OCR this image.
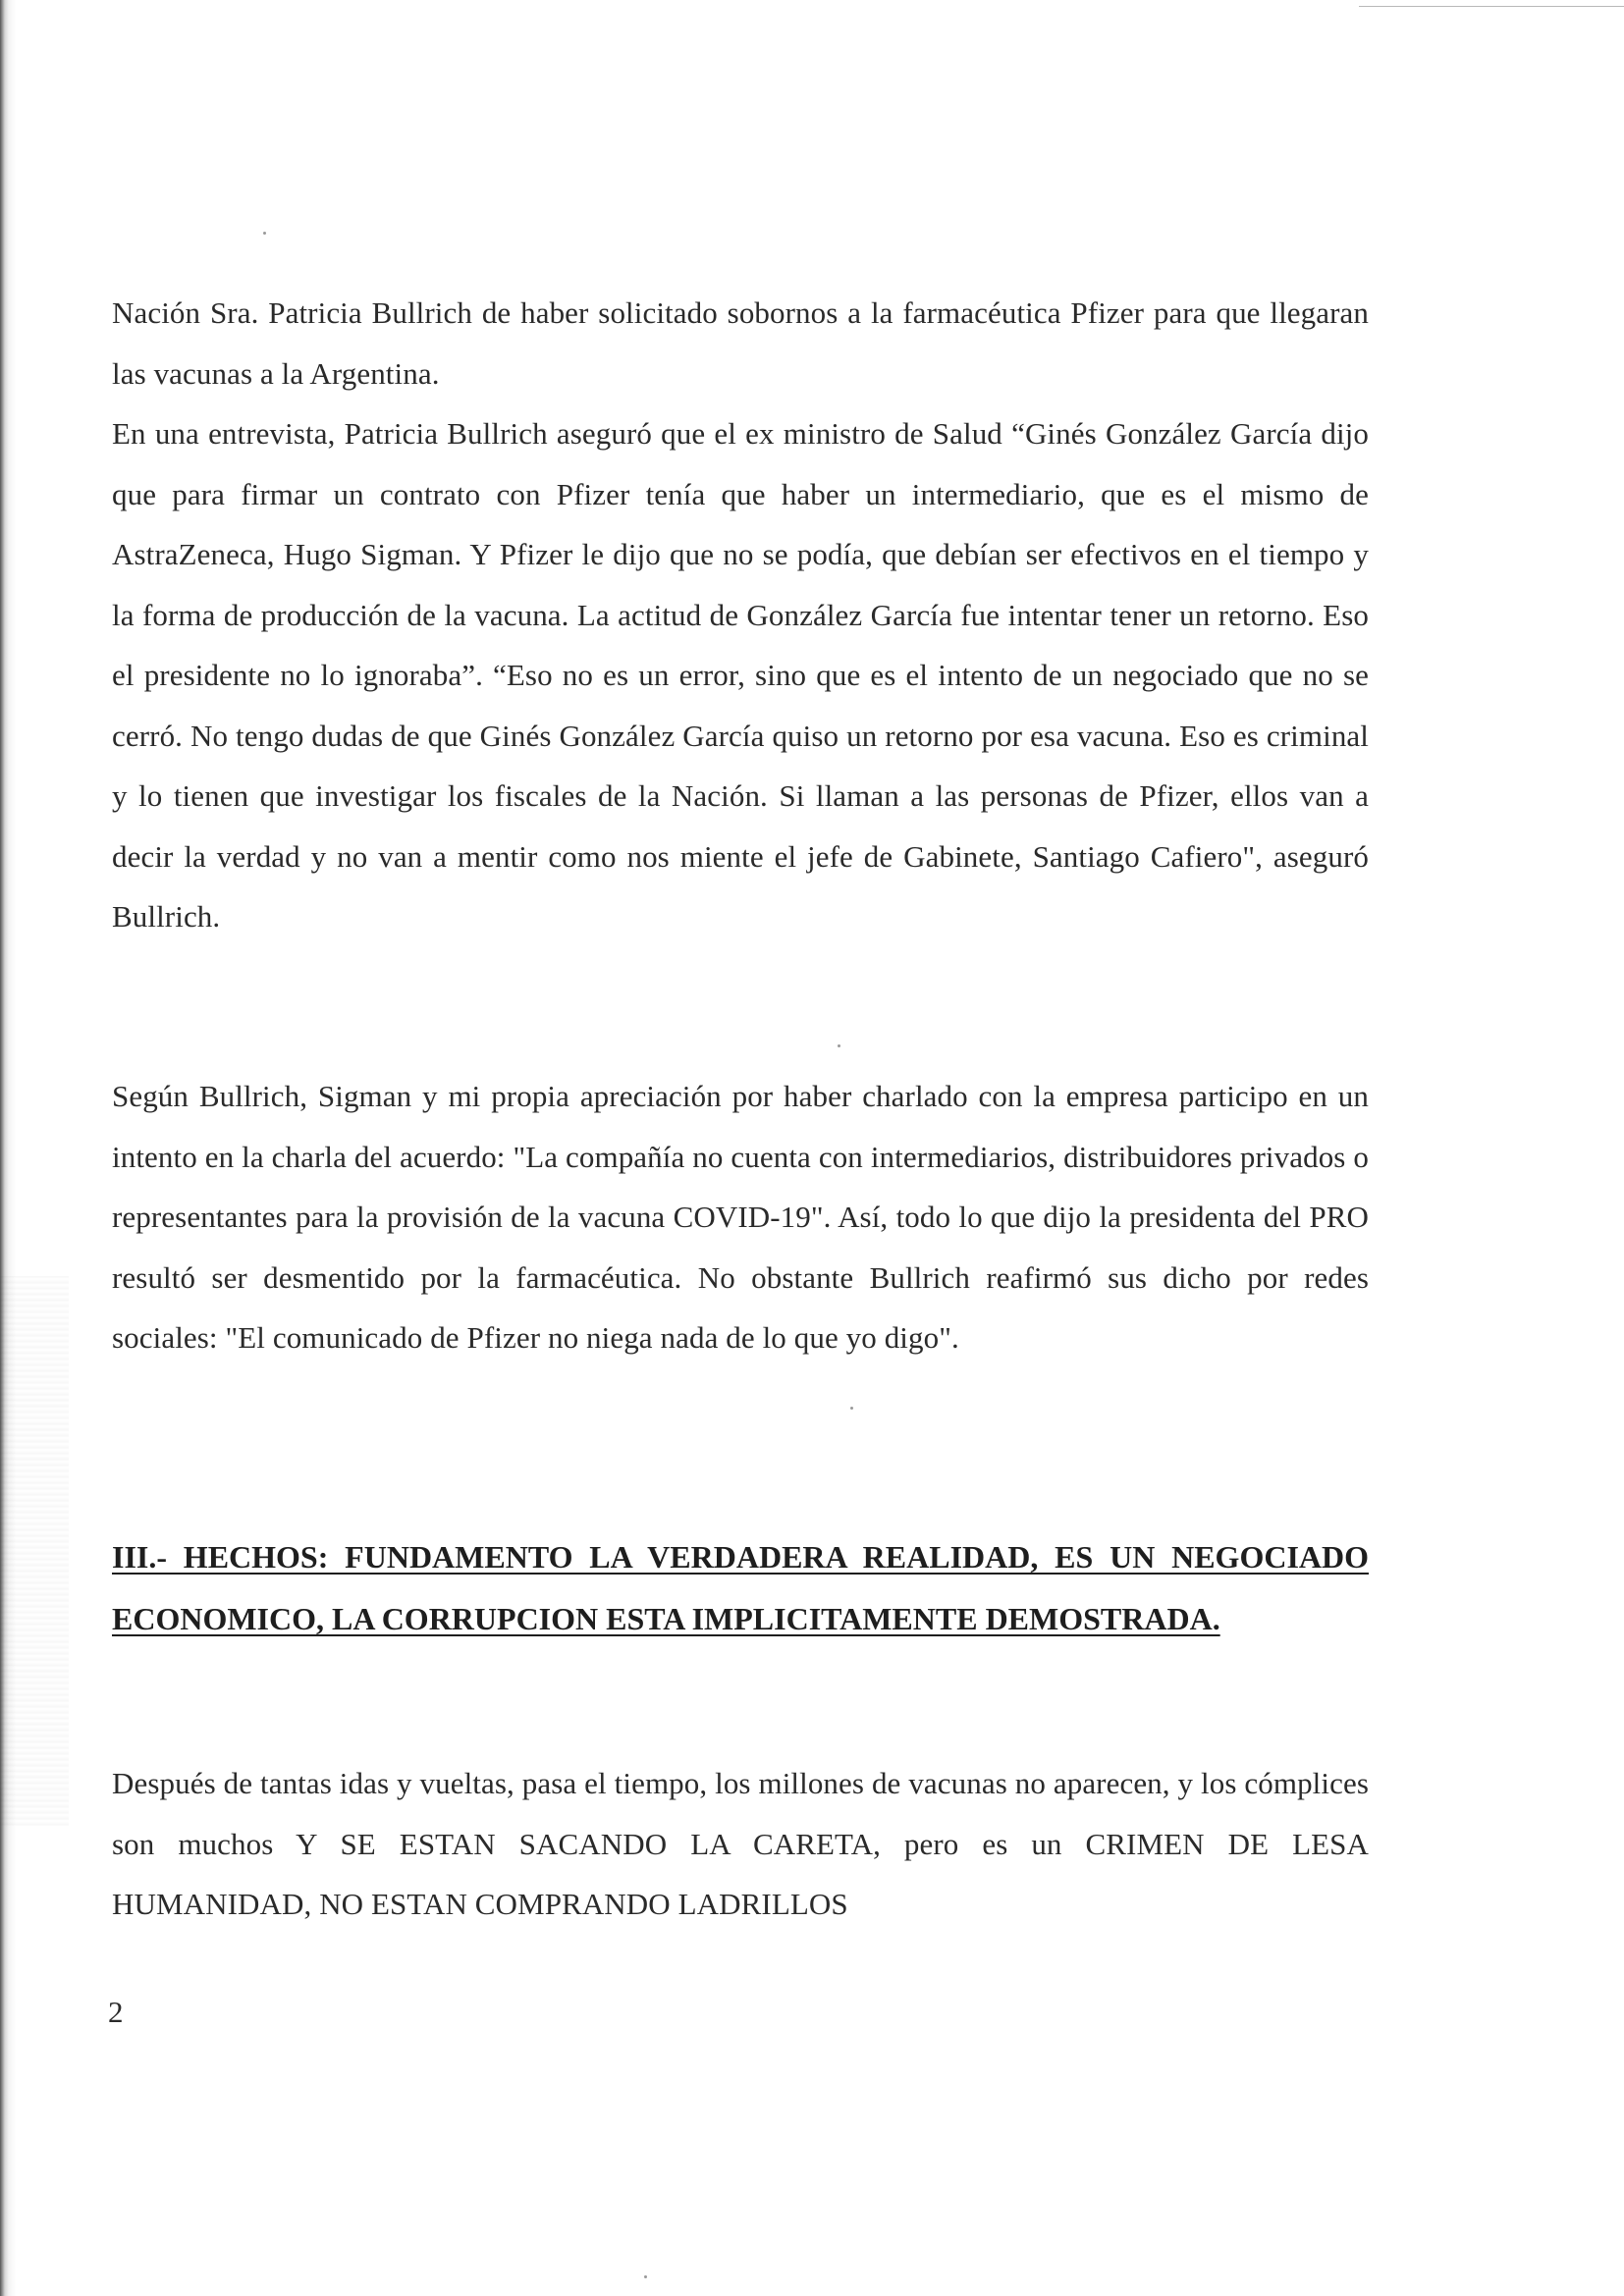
Nación Sra. Patricia Bullrich de haber solicitado sobornos a la farmacéutica Pfizer para que llegaran las vacunas a la Argentina.

En una entrevista, Patricia Bullrich aseguró que el ex ministro de Salud “Ginés González García dijo que para firmar un contrato con Pfizer tenía que haber un intermediario, que es el mismo de AstraZeneca, Hugo Sigman. Y Pfizer le dijo que no se podía, que debían ser efectivos en el tiempo y la forma de producción de la vacuna. La actitud de González García fue intentar tener un retorno. Eso el presidente no lo ignoraba”. “Eso no es un error, sino que es el intento de un negociado que no se cerró. No tengo dudas de que Ginés González García quiso un retorno por esa vacuna. Eso es criminal y lo tienen que investigar los fiscales de la Nación. Si llaman a las personas de Pfizer, ellos van a decir la verdad y no van a mentir como nos miente el jefe de Gabinete, Santiago Cafiero", aseguró Bullrich.

Según Bullrich, Sigman y mi propia apreciación por haber charlado con la empresa participo en un intento en la charla del acuerdo: "La compañía no cuenta con intermediarios, distribuidores privados o representantes para la provisión de la vacuna COVID-19". Así, todo lo que dijo la presidenta del PRO resultó ser desmentido por la farmacéutica. No obstante Bullrich reafirmó sus dicho por redes sociales: "El comunicado de Pfizer no niega nada de lo que yo digo".

III.- HECHOS: FUNDAMENTO LA VERDADERA REALIDAD, ES UN NEGOCIADO ECONOMICO, LA CORRUPCION ESTA IMPLICITAMENTE DEMOSTRADA.

Después de tantas idas y vueltas, pasa el tiempo, los millones de vacunas no aparecen, y los cómplices son muchos Y SE ESTAN SACANDO LA CARETA, pero es un CRIMEN DE LESA HUMANIDAD, NO ESTAN COMPRANDO LADRILLOS

2
